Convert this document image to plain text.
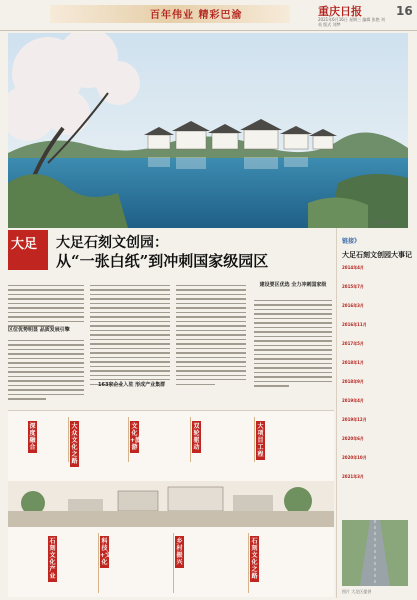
百年伟业 精彩巴渝	重庆日报
2021年6月16日 星期三 编辑 张艳 刘英 版式 刘梦
16
大足区供图
大足 大足石刻文创园：
从“一张白纸”到冲刺国家级园区
区位优势明显 品质发展引擎
163家企业入驻 形成产业集群
建设要区优选 全力冲刺国家级
链接》
大足石刻文创园大事记
2014年4月
2015年7月
2016年3月
2016年11月
2017年5月
2018年1月
2018年9月
2019年4月
2019年12月
2020年6月
2020年10月
2021年3月
图片 大足区提供
深度融合
大众文化之路
文化+旅游
双轮驱动
大项目工程
石刻文化产业
科技+文化
乡村振兴
石刻文化之路
